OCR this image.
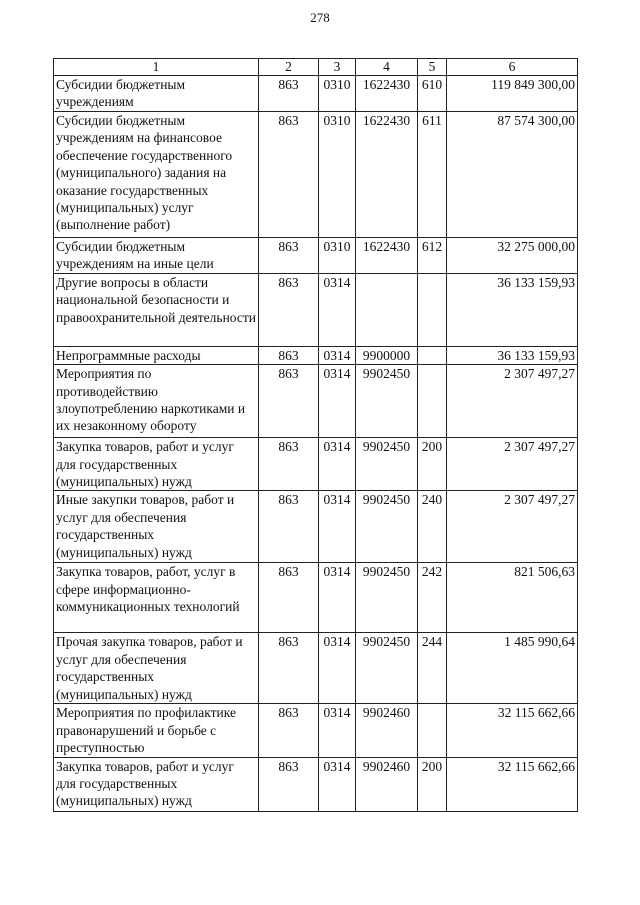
278
1	2	3	4	5	6
Субсидии бюджетным учреждениям	863	0310	1622430	610	119 849 300,00
Субсидии бюджетным учреждениям на финансовое обеспечение государственного (муниципального) задания на оказание государственных (муниципальных) услуг (выполнение работ)	863	0310	1622430	611	87 574 300,00
Субсидии бюджетным учреждениям на иные цели	863	0310	1622430	612	32 275 000,00
Другие вопросы в области национальной безопасности и правоохранительной деятельности	863	0314			36 133 159,93
Непрограммные расходы	863	0314	9900000		36 133 159,93
Мероприятия по противодействию злоупотреблению наркотиками и их незаконному обороту	863	0314	9902450		2 307 497,27
Закупка товаров, работ и услуг для государственных (муниципальных) нужд	863	0314	9902450	200	2 307 497,27
Иные закупки товаров, работ и услуг для обеспечения государственных (муниципальных) нужд	863	0314	9902450	240	2 307 497,27
Закупка товаров, работ, услуг в сфере информационно-коммуникационных технологий	863	0314	9902450	242	821 506,63
Прочая закупка товаров, работ и услуг для обеспечения государственных (муниципальных) нужд	863	0314	9902450	244	1 485 990,64
Мероприятия по профилактике правонарушений и борьбе с преступностью	863	0314	9902460		32 115 662,66
Закупка товаров, работ и услуг для государственных (муниципальных) нужд	863	0314	9902460	200	32 115 662,66
